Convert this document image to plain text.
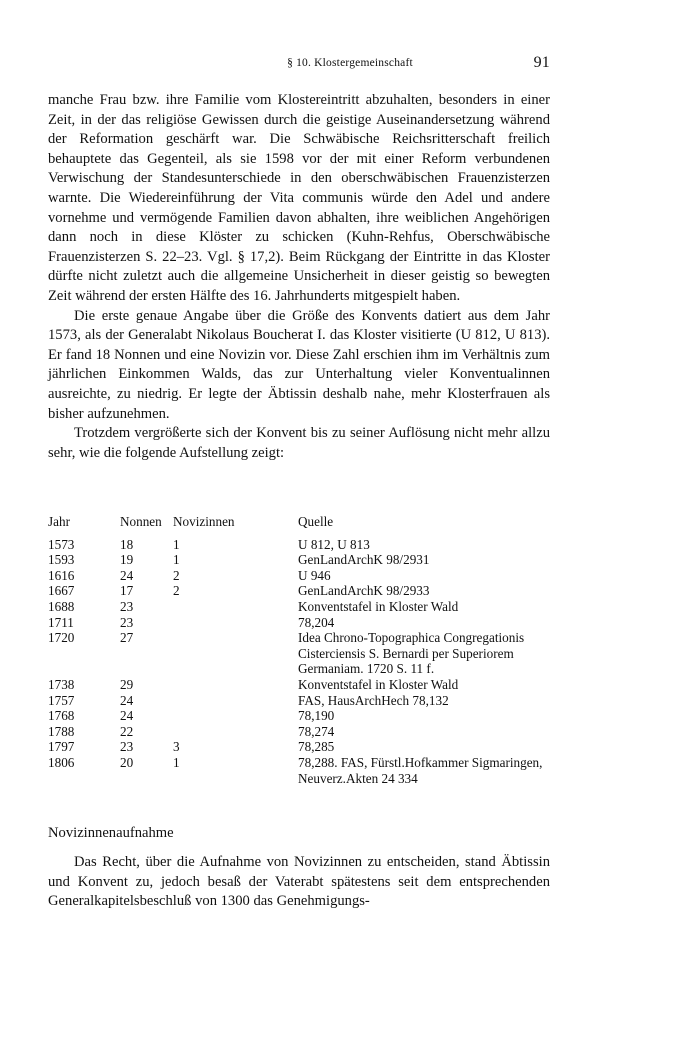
§ 10. Klostergemeinschaft	91

manche Frau bzw. ihre Familie vom Klostereintritt abzuhalten, besonders in einer Zeit, in der das religiöse Gewissen durch die geistige Auseinandersetzung während der Reformation geschärft war. Die Schwäbische Reichsritterschaft freilich behauptete das Gegenteil, als sie 1598 vor der mit einer Reform verbundenen Verwischung der Standesunterschiede in den oberschwäbischen Frauenzisterzen warnte. Die Wiedereinführung der Vita communis würde den Adel und andere vornehme und vermögende Familien davon abhalten, ihre weiblichen Angehörigen dann noch in diese Klöster zu schicken (Kuhn-Rehfus, Oberschwäbische Frauenzisterzen S. 22–23. Vgl. § 17,2). Beim Rückgang der Eintritte in das Kloster dürfte nicht zuletzt auch die allgemeine Unsicherheit in dieser geistig so bewegten Zeit während der ersten Hälfte des 16. Jahrhunderts mitgespielt haben.

Die erste genaue Angabe über die Größe des Konvents datiert aus dem Jahr 1573, als der Generalabt Nikolaus Boucherat I. das Kloster visitierte (U 812, U 813). Er fand 18 Nonnen und eine Novizin vor. Diese Zahl erschien ihm im Verhältnis zum jährlichen Einkommen Walds, das zur Unterhaltung vieler Konventualinnen ausreichte, zu niedrig. Er legte der Äbtissin deshalb nahe, mehr Klosterfrauen als bisher aufzunehmen.

Trotzdem vergrößerte sich der Konvent bis zu seiner Auflösung nicht mehr allzu sehr, wie die folgende Aufstellung zeigt:

Jahr	Nonnen	Novizinnen	Quelle
1573	18	1	U 812, U 813
1593	19	1	GenLandArchK 98/2931
1616	24	2	U 946
1667	17	2	GenLandArchK 98/2933
1688	23		Konventstafel in Kloster Wald
1711	23		78,204
1720	27		Idea Chrono-Topographica Congregationis Cisterciensis S. Bernardi per Superiorem Germaniam. 1720 S. 11 f.
1738	29		Konventstafel in Kloster Wald
1757	24		FAS, HausArchHech 78,132
1768	24		78,190
1788	22		78,274
1797	23	3	78,285
1806	20	1	78,288. FAS, Fürstl.Hofkammer Sigmaringen, Neuverz.Akten 24 334
Novizinnenaufnahme

Das Recht, über die Aufnahme von Novizinnen zu entscheiden, stand Äbtissin und Konvent zu, jedoch besaß der Vaterabt spätestens seit dem entsprechenden Generalkapitelsbeschluß von 1300 das Genehmigungs-
